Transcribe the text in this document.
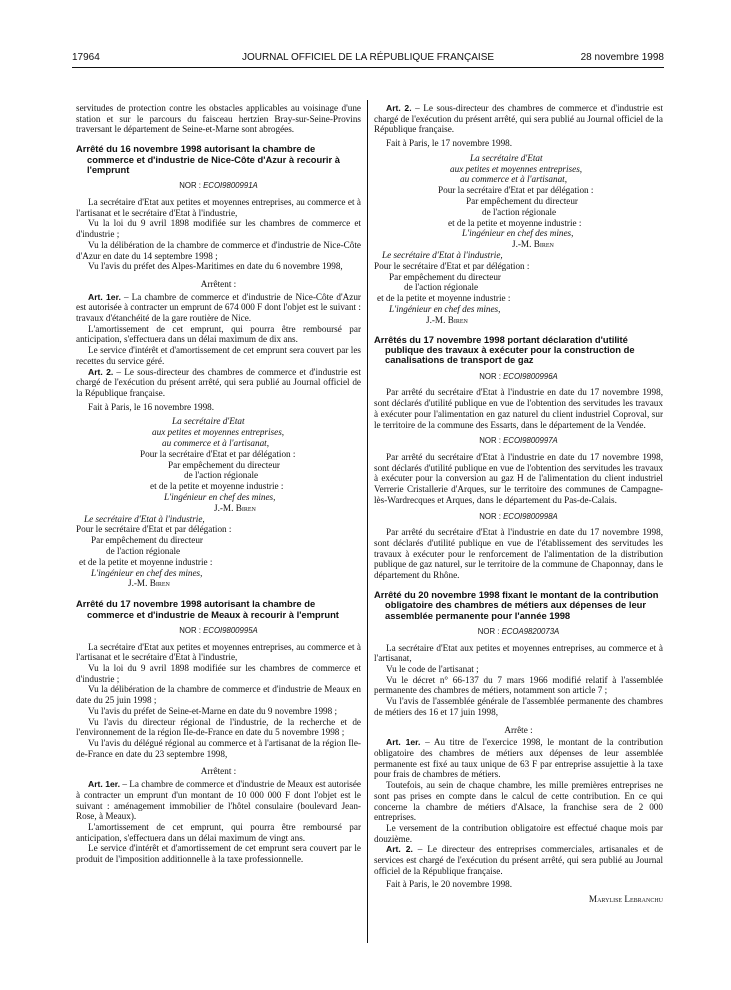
17964	JOURNAL OFFICIEL DE LA RÉPUBLIQUE FRANÇAISE	28 novembre 1998

servitudes de protection contre les obstacles applicables au voisinage d'une station et sur le parcours du faisceau hertzien Bray-sur-Seine-Provins traversant le département de Seine-et-Marne sont abrogées.

Arrêté du 16 novembre 1998 autorisant la chambre de commerce et d'industrie de Nice-Côte d'Azur à recourir à l'emprunt

NOR : ECOI9800991A

La secrétaire d'Etat aux petites et moyennes entreprises, au commerce et à l'artisanat et le secrétaire d'Etat à l'industrie,

Vu la loi du 9 avril 1898 modifiée sur les chambres de commerce et d'industrie ;

Vu la délibération de la chambre de commerce et d'industrie de Nice-Côte d'Azur en date du 14 septembre 1998 ;

Vu l'avis du préfet des Alpes-Maritimes en date du 6 novembre 1998,

Arrêtent :

Art. 1er. – La chambre de commerce et d'industrie de Nice-Côte d'Azur est autorisée à contracter un emprunt de 674 000 F dont l'objet est le suivant : travaux d'étanchéité de la gare routière de Nice.

L'amortissement de cet emprunt, qui pourra être remboursé par anticipation, s'effectuera dans un délai maximum de dix ans.

Le service d'intérêt et d'amortissement de cet emprunt sera couvert par les recettes du service géré.

Art. 2. – Le sous-directeur des chambres de commerce et d'industrie est chargé de l'exécution du présent arrêté, qui sera publié au Journal officiel de la République française.

Fait à Paris, le 16 novembre 1998.

La secrétaire d'Etat

aux petites et moyennes entreprises,

au commerce et à l'artisanat,

Pour la secrétaire d'Etat et par délégation :

Par empêchement du directeur

de l'action régionale

et de la petite et moyenne industrie :

L'ingénieur en chef des mines,

J.-M. Biren

Le secrétaire d'Etat à l'industrie,

Pour le secrétaire d'Etat et par délégation :

Par empêchement du directeur

de l'action régionale

et de la petite et moyenne industrie :

L'ingénieur en chef des mines,

J.-M. Biren

Arrêté du 17 novembre 1998 autorisant la chambre de commerce et d'industrie de Meaux à recourir à l'emprunt

NOR : ECOI9800995A

La secrétaire d'Etat aux petites et moyennes entreprises, au commerce et à l'artisanat et le secrétaire d'Etat à l'industrie,

Vu la loi du 9 avril 1898 modifiée sur les chambres de commerce et d'industrie ;

Vu la délibération de la chambre de commerce et d'industrie de Meaux en date du 25 juin 1998 ;

Vu l'avis du préfet de Seine-et-Marne en date du 9 novembre 1998 ;

Vu l'avis du directeur régional de l'industrie, de la recherche et de l'environnement de la région Ile-de-France en date du 5 novembre 1998 ;

Vu l'avis du délégué régional au commerce et à l'artisanat de la région Ile-de-France en date du 23 septembre 1998,

Arrêtent :

Art. 1er. – La chambre de commerce et d'industrie de Meaux est autorisée à contracter un emprunt d'un montant de 10 000 000 F dont l'objet est le suivant : aménagement immobilier de l'hôtel consulaire (boulevard Jean-Rose, à Meaux).

L'amortissement de cet emprunt, qui pourra être remboursé par anticipation, s'effectuera dans un délai maximum de vingt ans.

Le service d'intérêt et d'amortissement de cet emprunt sera couvert par le produit de l'imposition additionnelle à la taxe professionnelle.

Art. 2. – Le sous-directeur des chambres de commerce et d'industrie est chargé de l'exécution du présent arrêté, qui sera publié au Journal officiel de la République française.

Fait à Paris, le 17 novembre 1998.

La secrétaire d'Etat

aux petites et moyennes entreprises,

au commerce et à l'artisanat,

Pour la secrétaire d'Etat et par délégation :

Par empêchement du directeur

de l'action régionale

et de la petite et moyenne industrie :

L'ingénieur en chef des mines,

J.-M. Biren

Le secrétaire d'Etat à l'industrie,

Pour le secrétaire d'Etat et par délégation :

Par empêchement du directeur

de l'action régionale

et de la petite et moyenne industrie :

L'ingénieur en chef des mines,

J.-M. Biren

Arrêtés du 17 novembre 1998 portant déclaration d'utilité publique des travaux à exécuter pour la construction de canalisations de transport de gaz

NOR : ECOI9800996A

Par arrêté du secrétaire d'Etat à l'industrie en date du 17 novembre 1998, sont déclarés d'utilité publique en vue de l'obtention des servitudes les travaux à exécuter pour l'alimentation en gaz naturel du client industriel Coproval, sur le territoire de la commune des Essarts, dans le département de la Vendée.

NOR : ECOI9800997A

Par arrêté du secrétaire d'Etat à l'industrie en date du 17 novembre 1998, sont déclarés d'utilité publique en vue de l'obtention des servitudes les travaux à exécuter pour la conversion au gaz H de l'alimentation du client industriel Verrerie Cristallerie d'Arques, sur le territoire des communes de Campagne-lès-Wardrecques et Arques, dans le département du Pas-de-Calais.

NOR : ECOI9800998A

Par arrêté du secrétaire d'Etat à l'industrie en date du 17 novembre 1998, sont déclarés d'utilité publique en vue de l'établissement des servitudes les travaux à exécuter pour le renforcement de l'alimentation de la distribution publique de gaz naturel, sur le territoire de la commune de Chaponnay, dans le département du Rhône.

Arrêté du 20 novembre 1998 fixant le montant de la contribution obligatoire des chambres de métiers aux dépenses de leur assemblée permanente pour l'année 1998

NOR : ECOA9820073A

La secrétaire d'Etat aux petites et moyennes entreprises, au commerce et à l'artisanat,

Vu le code de l'artisanat ;

Vu le décret n° 66-137 du 7 mars 1966 modifié relatif à l'assemblée permanente des chambres de métiers, notamment son article 7 ;

Vu l'avis de l'assemblée générale de l'assemblée permanente des chambres de métiers des 16 et 17 juin 1998,

Arrête :

Art. 1er. – Au titre de l'exercice 1998, le montant de la contribution obligatoire des chambres de métiers aux dépenses de leur assemblée permanente est fixé au taux unique de 63 F par entreprise assujettie à la taxe pour frais de chambres de métiers.

Toutefois, au sein de chaque chambre, les mille premières entreprises ne sont pas prises en compte dans le calcul de cette contribution. En ce qui concerne la chambre de métiers d'Alsace, la franchise sera de 2 000 entreprises.

Le versement de la contribution obligatoire est effectué chaque mois par douzième.

Art. 2. – Le directeur des entreprises commerciales, artisanales et de services est chargé de l'exécution du présent arrêté, qui sera publié au Journal officiel de la République française.

Fait à Paris, le 20 novembre 1998.

Marylise Lebranchu
